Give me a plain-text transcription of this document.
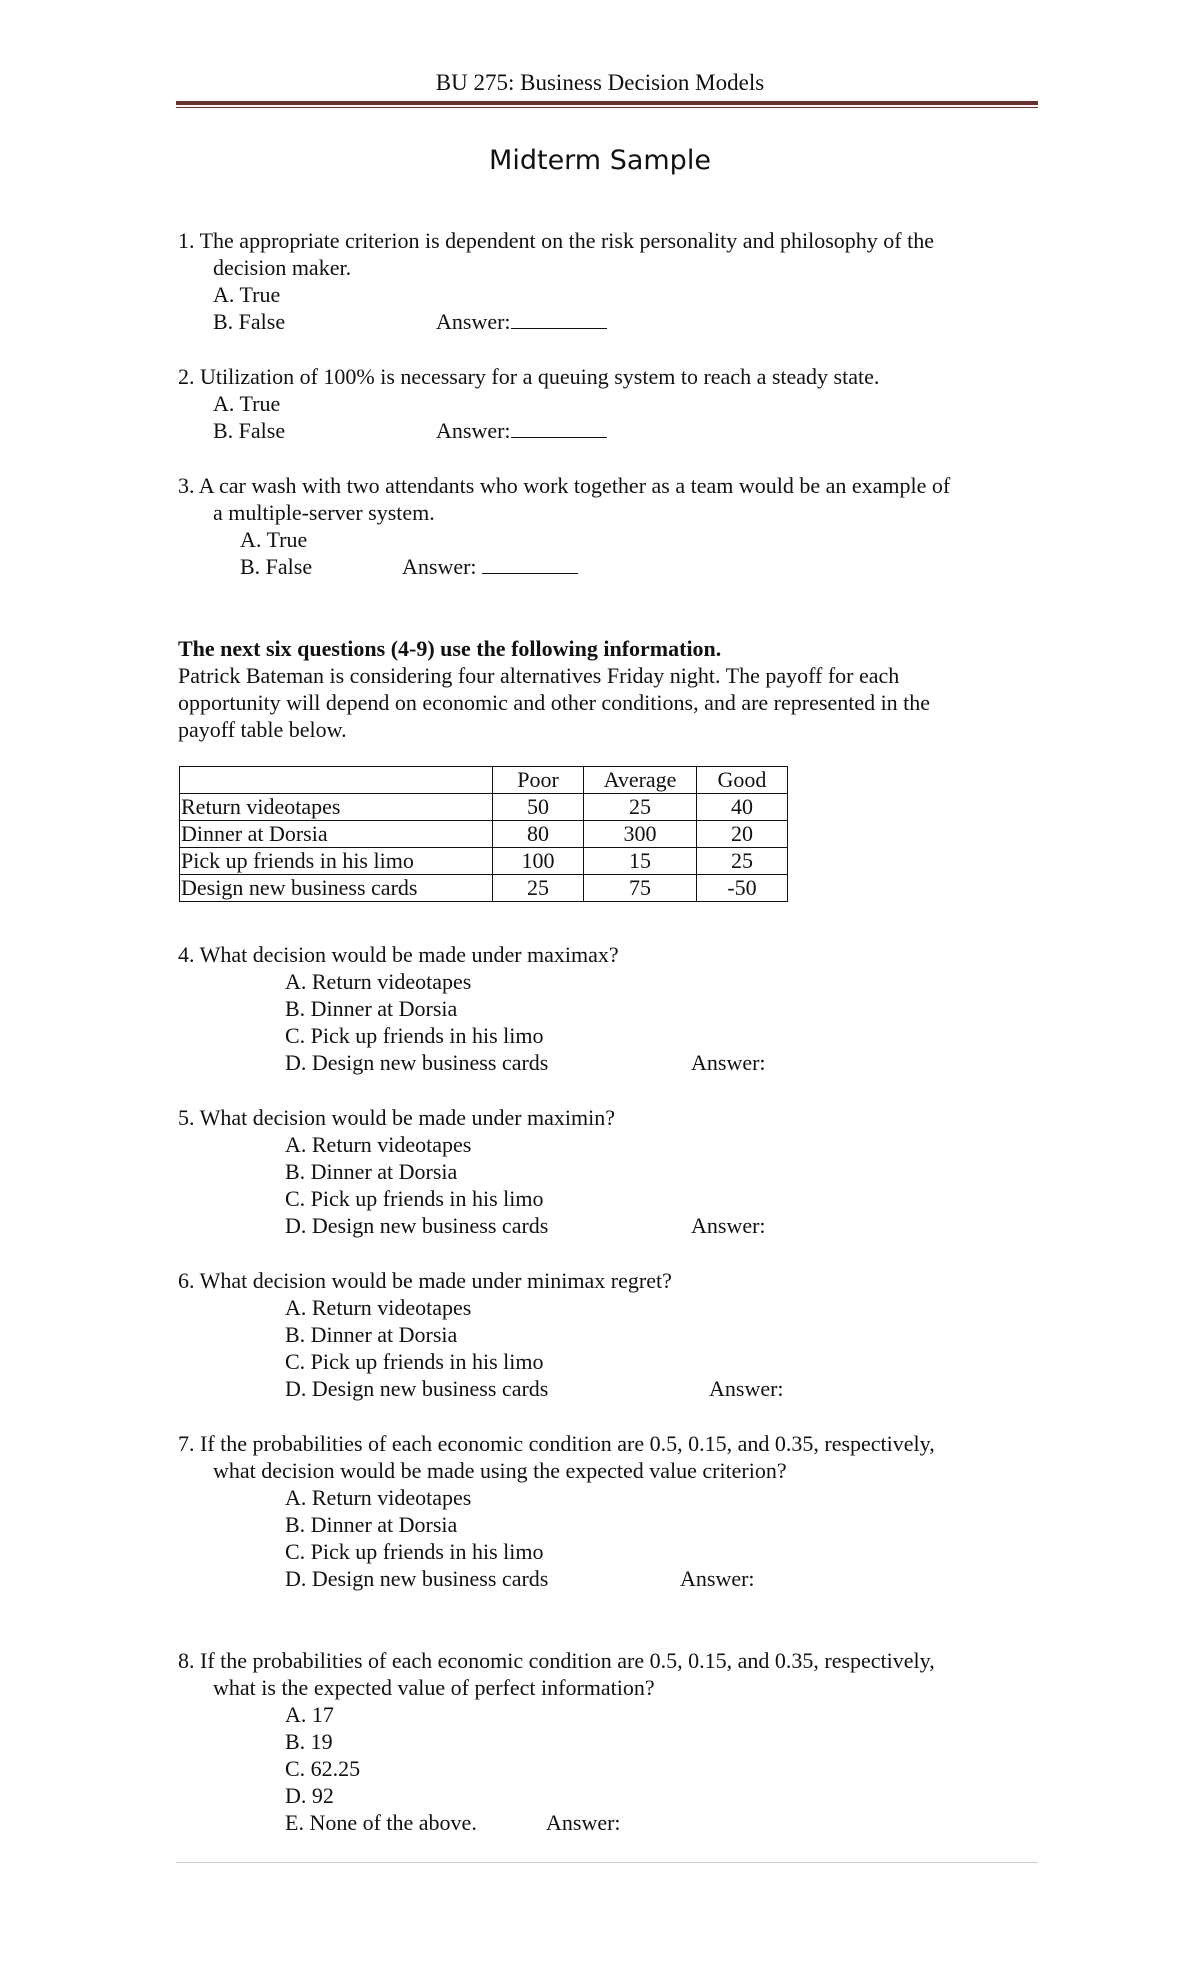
BU 275: Business Decision Models
Midterm Sample
1. The appropriate criterion is dependent on the risk personality and philosophy of the
decision maker.
A. True
B. False	Answer:
2. Utilization of 100% is necessary for a queuing system to reach a steady state.
A. True
B. False	Answer:
3. A car wash with two attendants who work together as a team would be an example of
a multiple-server system.
A. True
B. False	Answer:
The next six questions (4-9) use the following information.
Patrick Bateman is considering four alternatives Friday night. The payoff for each
opportunity will depend on economic and other conditions, and are represented in the
payoff table below.
	Poor	Average	Good
Return videotapes	50	25	40
Dinner at Dorsia	80	300	20
Pick up friends in his limo	100	15	25
Design new business cards	25	75	-50
4. What decision would be made under maximax?
A. Return videotapes
B. Dinner at Dorsia
C. Pick up friends in his limo
D. Design new business cards	Answer:
5. What decision would be made under maximin?
A. Return videotapes
B. Dinner at Dorsia
C. Pick up friends in his limo
D. Design new business cards	Answer:
6. What decision would be made under minimax regret?
A. Return videotapes
B. Dinner at Dorsia
C. Pick up friends in his limo
D. Design new business cards	Answer:
7. If the probabilities of each economic condition are 0.5, 0.15, and 0.35, respectively,
what decision would be made using the expected value criterion?
A. Return videotapes
B. Dinner at Dorsia
C. Pick up friends in his limo
D. Design new business cards	Answer:
8. If the probabilities of each economic condition are 0.5, 0.15, and 0.35, respectively,
what is the expected value of perfect information?
A. 17
B. 19
C. 62.25
D. 92
E. None of the above.	Answer:
